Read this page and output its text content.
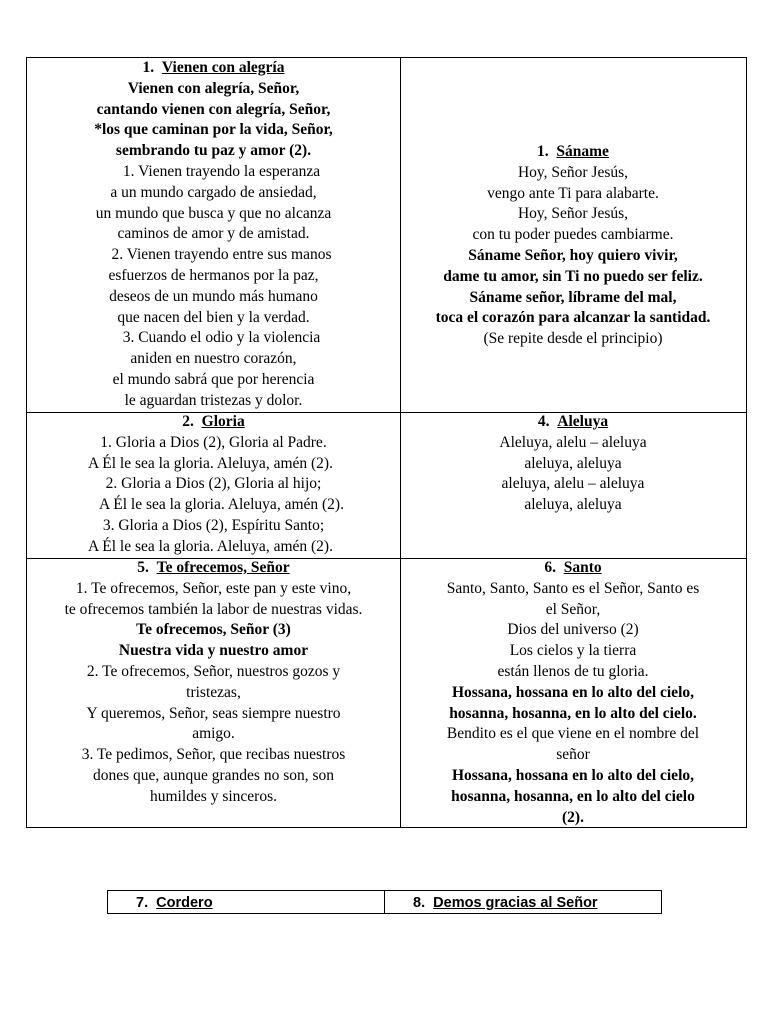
1. Vienen con alegría
Vienen con alegría, Señor,
cantando vienen con alegría, Señor,
*los que caminan por la vida, Señor,
sembrando tu paz y amor (2).
1. Vienen trayendo la esperanza
a un mundo cargado de ansiedad,
un mundo que busca y que no alcanza
caminos de amor y de amistad.
2. Vienen trayendo entre sus manos
esfuerzos de hermanos por la paz,
deseos de un mundo más humano
que nacen del bien y la verdad.
3. Cuando el odio y la violencia
aniden en nuestro corazón,
el mundo sabrá que por herencia
le aguardan tristezas y dolor.
1. Sáname
Hoy, Señor Jesús,
vengo ante Ti para alabarte.
Hoy, Señor Jesús,
con tu poder puedes cambiarme.
Sáname Señor, hoy quiero vivir,
dame tu amor, sin Ti no puedo ser feliz.
Sáname señor, líbrame del mal,
toca el corazón para alcanzar la santidad.
(Se repite desde el principio)
2. Gloria
1. Gloria a Dios (2), Gloria al Padre.
A Él le sea la gloria. Aleluya, amén (2).
2. Gloria a Dios (2), Gloria al hijo;
A Él le sea la gloria. Aleluya, amén (2).
3. Gloria a Dios (2), Espíritu Santo;
A Él le sea la gloria. Aleluya, amén (2).
4. Aleluya
Aleluya, alelu – aleluya
aleluya, aleluya
aleluya, alelu – aleluya
aleluya, aleluya
5. Te ofrecemos, Señor
1. Te ofrecemos, Señor, este pan y este vino,
te ofrecemos también la labor de nuestras vidas.
Te ofrecemos, Señor (3)
Nuestra vida y nuestro amor
2. Te ofrecemos, Señor, nuestros gozos y
tristezas,
Y queremos, Señor, seas siempre nuestro
amigo.
3. Te pedimos, Señor, que recibas nuestros
dones que, aunque grandes no son, son
humildes y sinceros.
6. Santo
Santo, Santo, Santo es el Señor, Santo es
el Señor,
Dios del universo (2)
Los cielos y la tierra
están llenos de tu gloria.
Hossana, hossana en lo alto del cielo,
hosanna, hosanna, en lo alto del cielo.
Bendito es el que viene en el nombre del
señor
Hossana, hossana en lo alto del cielo,
hosanna, hosanna, en lo alto del cielo
(2).
7. Cordero	8. Demos gracias al Señor
